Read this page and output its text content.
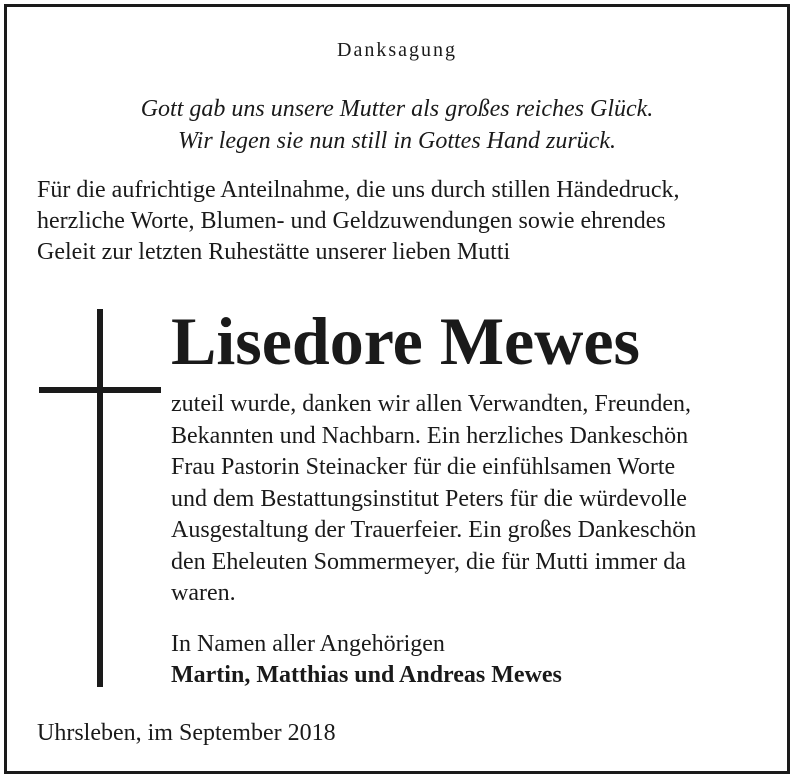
Danksagung
Gott gab uns unsere Mutter als großes reiches Glück.
Wir legen sie nun still in Gottes Hand zurück.
Für die aufrichtige Anteilnahme, die uns durch stillen Händedruck,
herzliche Worte, Blumen- und Geldzuwendungen sowie ehrendes
Geleit zur letzten Ruhestätte unserer lieben Mutti
Lisedore Mewes
zuteil wurde, danken wir allen Verwandten, Freunden,
Bekannten und Nachbarn. Ein herzliches Dankeschön
Frau Pastorin Steinacker für die einfühlsamen Worte
und dem Bestattungsinstitut Peters für die würdevolle
Ausgestaltung der Trauerfeier. Ein großes Dankeschön
den Eheleuten Sommermeyer, die für Mutti immer da
waren.
In Namen aller Angehörigen
Martin, Matthias und Andreas Mewes
Uhrsleben, im September 2018
